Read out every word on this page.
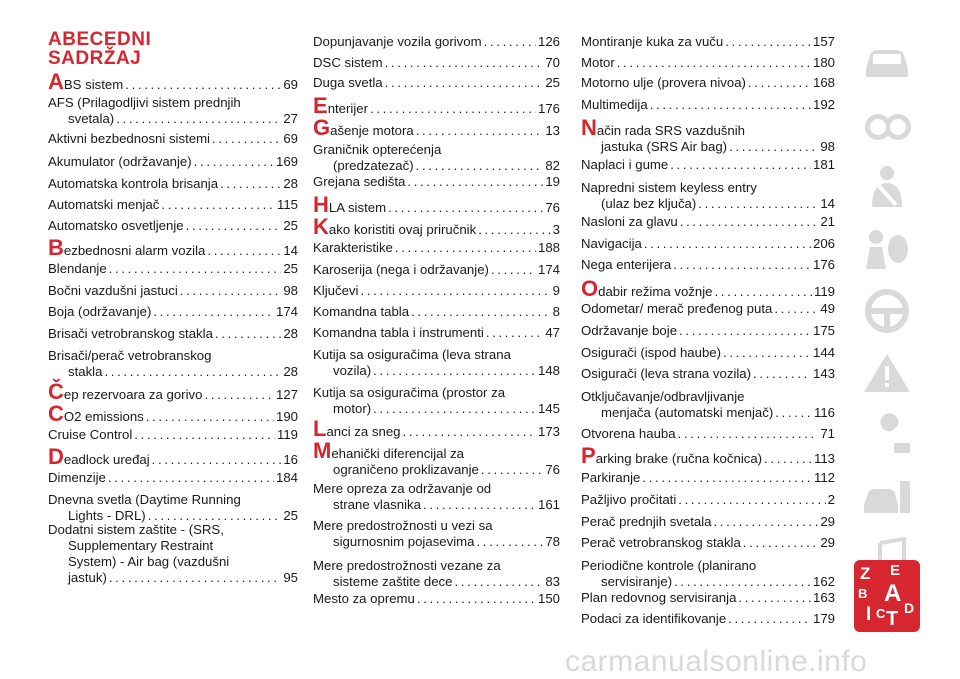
ABECEDNI
SADRŽAJ
ABS sistem . . .	69
AFS (Prilagodljivi sistem prednjih
svetala) . . .	27
Aktivni bezbednosni sistemi . . .	69
Akumulator (održavanje) . . .	169
Automatska kontrola brisanja . . .	28
Automatski menjač . . .	115
Automatsko osvetljenje . . .	25
Bezbednosni alarm vozila . . .	14
Blendanje . . .	25
Bočni vazdušni jastuci . . .	98
Boja (održavanje) . . .	174
Brisači vetrobranskog stakla . . .	28
Brisači/perač vetrobranskog
stakla . . .	28
Čep rezervoara za gorivo . . .	127
CO2 emissions . . .	190
Cruise Control . . .	119
Deadlock uređaj . . .	16
Dimenzije . . .	184
Dnevna svetla (Daytime Running
Lights - DRL) . . .	25
Dodatni sistem zaštite - (SRS,
Supplementary Restraint
System) - Air bag (vazdušni
jastuk) . . .	95
Dopunjavanje vozila gorivom . . .	126
DSC sistem . . .	70
Duga svetla . . .	25
Enterijer . . .	176
Gašenje motora . . .	13
Graničnik opterećenja
(predzatezač) . . .	82
Grejana sedišta . . .	19
HLA sistem . . .	76
Kako koristiti ovaj priručnik . . .	3
Karakteristike . . .	188
Karoserija (nega i održavanje) . . .	174
Ključevi . . .	9
Komandna tabla . . .	8
Komandna tabla i instrumenti . . .	47
Kutija sa osiguračima (leva strana
vozila) . . .	148
Kutija sa osiguračima (prostor za
motor) . . .	145
Lanci za sneg . . .	173
Mehanički diferencijal za
ograničeno proklizavanje . . .	76
Mere opreza za održavanje od
strane vlasnika . . .	161
Mere predostrožnosti u vezi sa
sigurnosnim pojasevima . . .	78
Mere predostrožnosti vezane za
sisteme zaštite dece . . .	83
Mesto za opremu . . .	150
Montiranje kuka za vuču . . .	157
Motor . . .	180
Motorno ulje (provera nivoa) . . .	168
Multimedija . . .	192
Način rada SRS vazdušnih
jastuka (SRS Air bag) . . .	98
Naplaci i gume . . .	181
Napredni sistem keyless entry
(ulaz bez ključa) . . .	14
Nasloni za glavu . . .	21
Navigacija . . .	206
Nega enterijera . . .	176
Odabir režima vožnje . . .	119
Odometar/ merač pređenog puta . . .	49
Održavanje boje . . .	175
Osigurači (ispod haube) . . .	144
Osigurači (leva strana vozila) . . .	143
Otključavanje/odbravljivanje
menjača (automatski menjač) . . .	116
Otvorena hauba . . .	71
Parking brake (ručna kočnica) . . .	113
Parkiranje . . .	112
Pažljivo pročitati . . .	2
Perač prednjih svetala . . .	29
Perač vetrobranskog stakla . . .	29
Periodične kontrole (planirano
servisiranje) . . .	162
Plan redovnog servisiranja . . .	163
Podaci za identifikovanje . . .	179
Z E
B A
I C T D
carmanualsonline.info
